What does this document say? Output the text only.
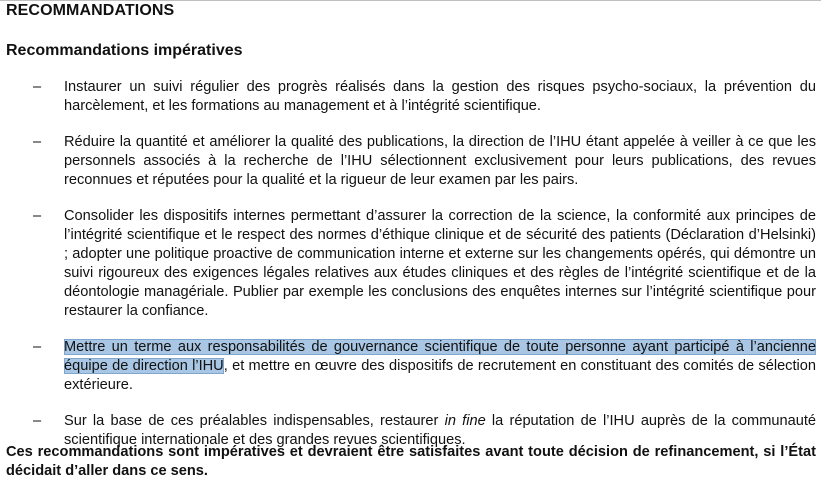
RECOMMANDATIONS
Recommandations impératives
– Instaurer un suivi régulier des progrès réalisés dans la gestion des risques psycho-sociaux, la prévention du harcèlement, et les formations au management et à l’intégrité scientifique.
– Réduire la quantité et améliorer la qualité des publications, la direction de l’IHU étant appelée à veiller à ce que les personnels associés à la recherche de l’IHU sélectionnent exclusivement pour leurs publications, des revues reconnues et réputées pour la qualité et la rigueur de leur examen par les pairs.
– Consolider les dispositifs internes permettant d’assurer la correction de la science, la conformité aux principes de l’intégrité scientifique et le respect des normes d’éthique clinique et de sécurité des patients (Déclaration d’Helsinki) ; adopter une politique proactive de communication interne et externe sur les changements opérés, qui démontre un suivi rigoureux des exigences légales relatives aux études cliniques et des règles de l’intégrité scientifique et de la déontologie managériale. Publier par exemple les conclusions des enquêtes internes sur l’intégrité scientifique pour restaurer la confiance.
– Mettre un terme aux responsabilités de gouvernance scientifique de toute personne ayant participé à l’ancienne équipe de direction l’IHU, et mettre en œuvre des dispositifs de recrutement en constituant des comités de sélection extérieure.
– Sur la base de ces préalables indispensables, restaurer in fine la réputation de l’IHU auprès de la communauté scientifique internationale et des grandes revues scientifiques.
Ces recommandations sont impératives et devraient être satisfaites avant toute décision de refinancement, si l’État décidait d’aller dans ce sens.
